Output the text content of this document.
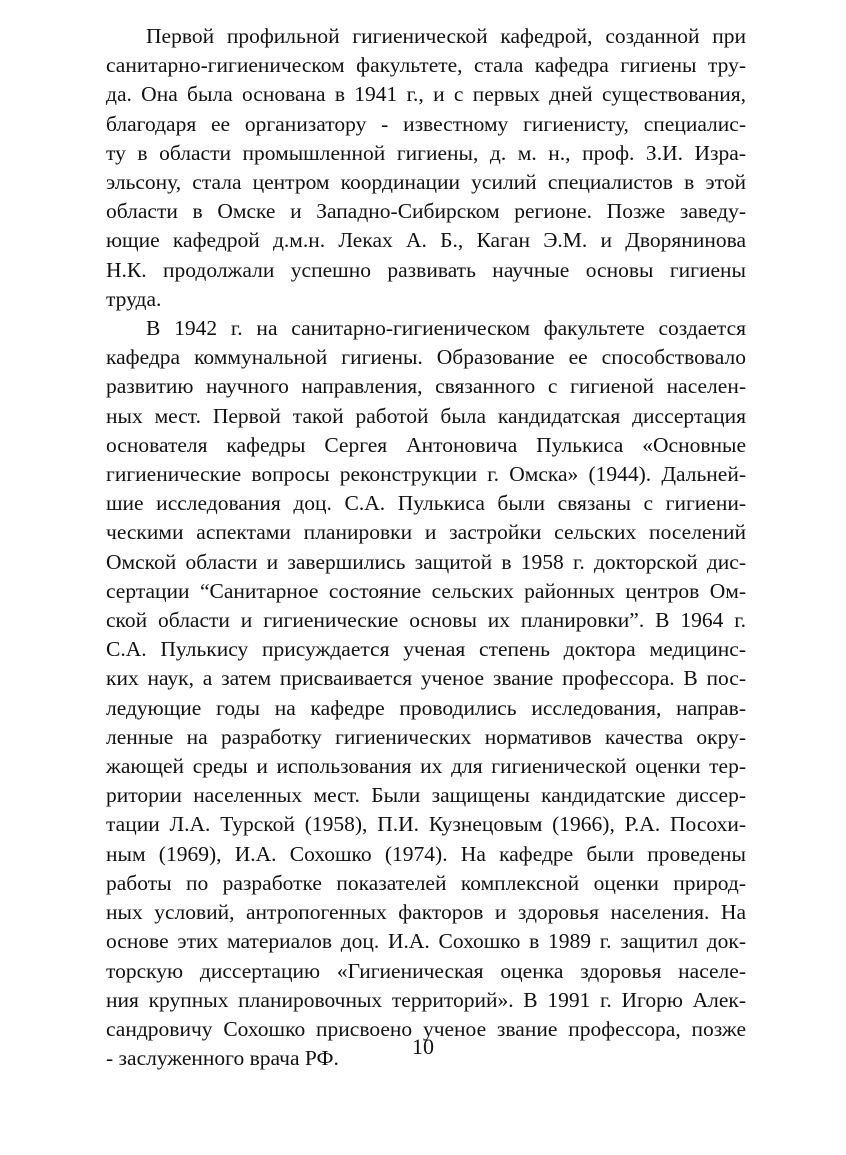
Первой профильной гигиенической кафедрой, созданной при
санитарно-гигиеническом факультете, стала кафедра гигиены тру-
да. Она была основана в 1941 г., и с первых дней существования,
благодаря ее организатору - известному гигиенисту, специалис-
ту в области промышленной гигиены, д. м. н., проф. З.И. Изра-
эльсону, стала центром координации усилий специалистов в этой
области в Омске и Западно-Сибирском регионе. Позже заведу-
ющие кафедрой д.м.н. Леках А. Б., Каган Э.М. и Дворянинова
Н.К. продолжали успешно развивать научные основы гигиены
труда.
В 1942 г. на санитарно-гигиеническом факультете создается
кафедра коммунальной гигиены. Образование ее способствовало
развитию научного направления, связанного с гигиеной населен-
ных мест. Первой такой работой была кандидатская диссертация
основателя кафедры Сергея Антоновича Пулькиса «Основные
гигиенические вопросы реконструкции г. Омска» (1944). Дальней-
шие исследования доц. С.А. Пулькиса были связаны с гигиени-
ческими аспектами планировки и застройки сельских поселений
Омской области и завершились защитой в 1958 г. докторской дис-
сертации “Санитарное состояние сельских районных центров Ом-
ской области и гигиенические основы их планировки”. В 1964 г.
С.А. Пулькису присуждается ученая степень доктора медицинс-
ких наук, а затем присваивается ученое звание профессора. В пос-
ледующие годы на кафедре проводились исследования, направ-
ленные на разработку гигиенических нормативов качества окру-
жающей среды и использования их для гигиенической оценки тер-
ритории населенных мест. Были защищены кандидатские диссер-
тации Л.А. Турской (1958), П.И. Кузнецовым (1966), Р.А. Посохи-
ным (1969), И.А. Сохошко (1974). На кафедре были проведены
работы по разработке показателей комплексной оценки природ-
ных условий, антропогенных факторов и здоровья населения. На
основе этих материалов доц. И.А. Сохошко в 1989 г. защитил док-
торскую диссертацию «Гигиеническая оценка здоровья населе-
ния крупных планировочных территорий». В 1991 г. Игорю Алек-
сандровичу Сохошко присвоено ученое звание профессора, позже
- заслуженного врача РФ.	10
